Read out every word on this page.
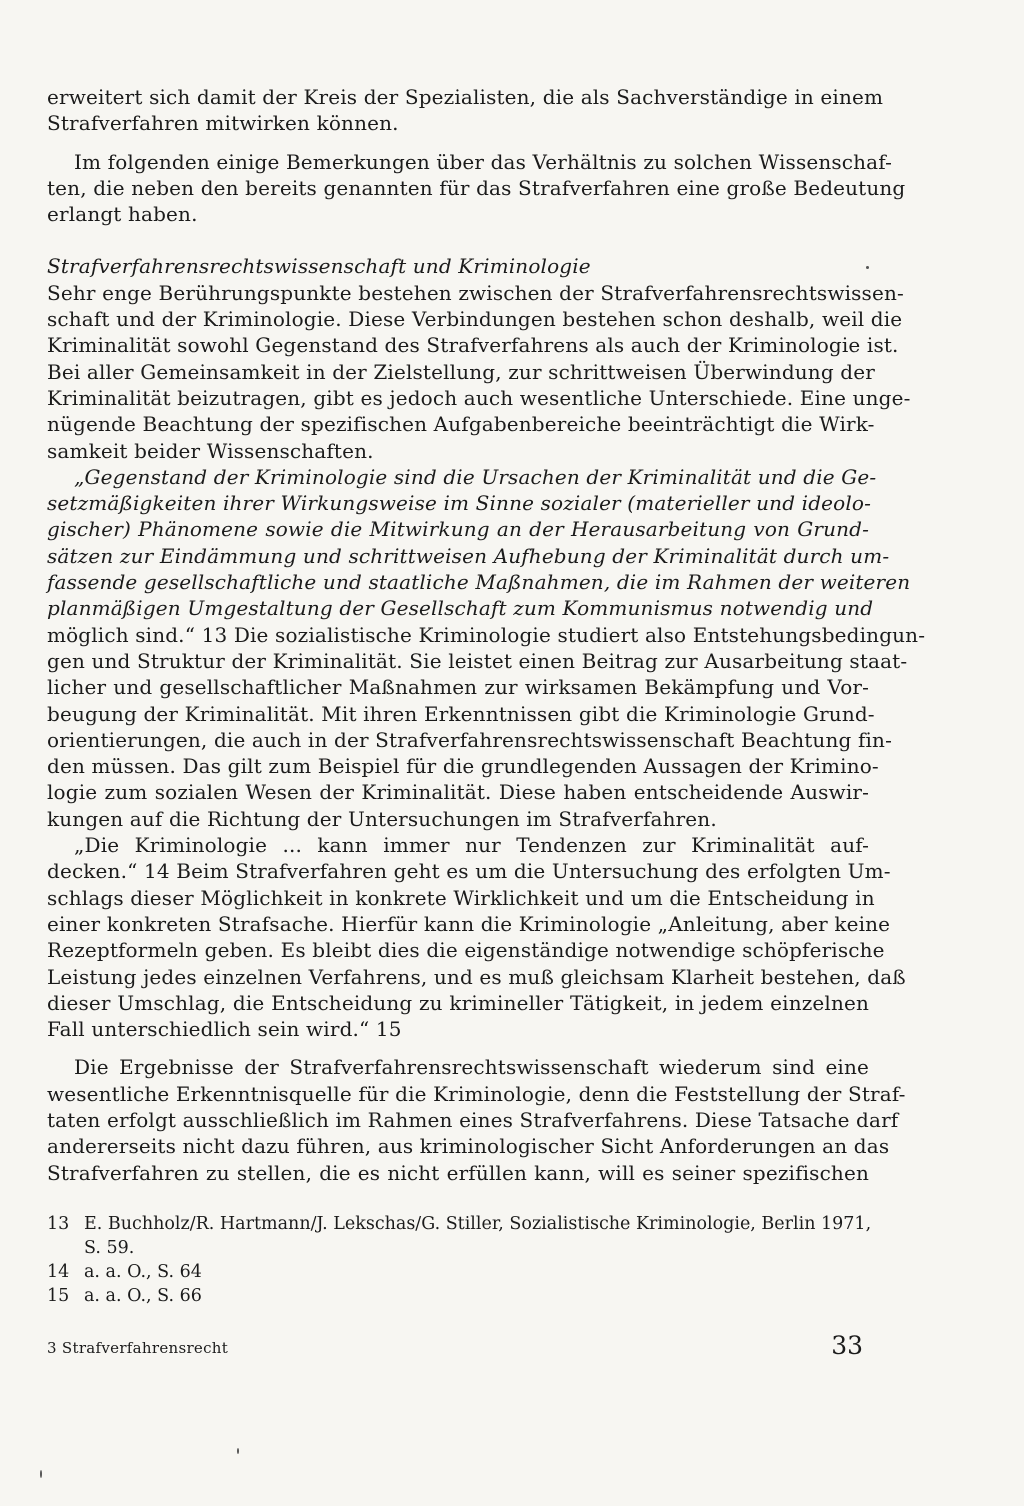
erweitert sich damit der Kreis der Spezialisten, die als Sachverständige in einem
Strafverfahren mitwirken können.
Im folgenden einige Bemerkungen über das Verhältnis zu solchen Wissenschaf-
ten, die neben den bereits genannten für das Strafverfahren eine große Bedeutung
erlangt haben.
Strafverfahrensrechtswissenschaft und Kriminologie
Sehr enge Berührungspunkte bestehen zwischen der Strafverfahrensrechtswissen-
schaft und der Kriminologie. Diese Verbindungen bestehen schon deshalb, weil die
Kriminalität sowohl Gegenstand des Strafverfahrens als auch der Kriminologie ist.
Bei aller Gemeinsamkeit in der Zielstellung, zur schrittweisen Überwindung der
Kriminalität beizutragen, gibt es jedoch auch wesentliche Unterschiede. Eine unge-
nügende Beachtung der spezifischen Aufgabenbereiche beeinträchtigt die Wirk-
samkeit beider Wissenschaften.
„Gegenstand der Kriminologie sind die Ursachen der Kriminalität und die Ge-
setzmäßigkeiten ihrer Wirkungsweise im Sinne sozialer (materieller und ideolo-
gischer) Phänomene sowie die Mitwirkung an der Herausarbeitung von Grund-
sätzen zur Eindämmung und schrittweisen Aufhebung der Kriminalität durch um-
fassende gesellschaftliche und staatliche Maßnahmen, die im Rahmen der weiteren
planmäßigen Umgestaltung der Gesellschaft zum Kommunismus notwendig und
möglich sind.“ 13 Die sozialistische Kriminologie studiert also Entstehungsbedingun-
gen und Struktur der Kriminalität. Sie leistet einen Beitrag zur Ausarbeitung staat-
licher und gesellschaftlicher Maßnahmen zur wirksamen Bekämpfung und Vor-
beugung der Kriminalität. Mit ihren Erkenntnissen gibt die Kriminologie Grund-
orientierungen, die auch in der Strafverfahrensrechtswissenschaft Beachtung fin-
den müssen. Das gilt zum Beispiel für die grundlegenden Aussagen der Krimino-
logie zum sozialen Wesen der Kriminalität. Diese haben entscheidende Auswir-
kungen auf die Richtung der Untersuchungen im Strafverfahren.
„Die Kriminologie ... kann immer nur Tendenzen zur Kriminalität auf-
decken.“ 14 Beim Strafverfahren geht es um die Untersuchung des erfolgten Um-
schlags dieser Möglichkeit in konkrete Wirklichkeit und um die Entscheidung in
einer konkreten Strafsache. Hierfür kann die Kriminologie „Anleitung, aber keine
Rezeptformeln geben. Es bleibt dies die eigenständige notwendige schöpferische
Leistung jedes einzelnen Verfahrens, und es muß gleichsam Klarheit bestehen, daß
dieser Umschlag, die Entscheidung zu krimineller Tätigkeit, in jedem einzelnen
Fall unterschiedlich sein wird.“ 15
Die Ergebnisse der Strafverfahrensrechtswissenschaft wiederum sind eine
wesentliche Erkenntnisquelle für die Kriminologie, denn die Feststellung der Straf-
taten erfolgt ausschließlich im Rahmen eines Strafverfahrens. Diese Tatsache darf
andererseits nicht dazu führen, aus kriminologischer Sicht Anforderungen an das
Strafverfahren zu stellen, die es nicht erfüllen kann, will es seiner spezifischen
13 E. Buchholz/R. Hartmann/J. Lekschas/G. Stiller, Sozialistische Kriminologie, Berlin 1971,
S. 59.
14 a. a. O., S. 64
15 a. a. O., S. 66
3 Strafverfahrensrecht	33
